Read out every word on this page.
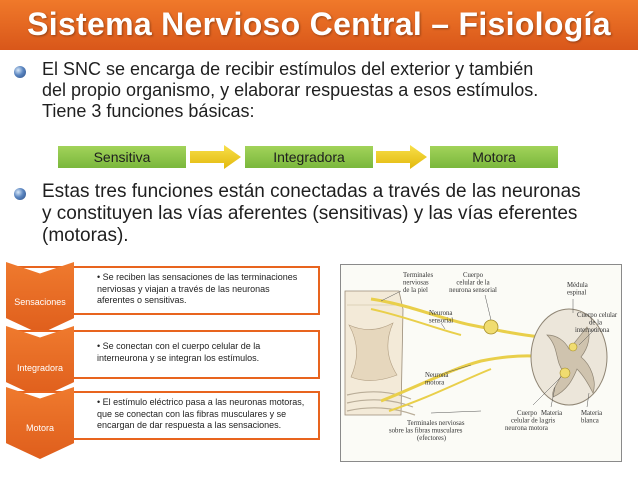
Sistema Nervioso Central – Fisiología
El SNC se encarga de recibir estímulos del exterior y también
del propio organismo, y elaborar respuestas a esos estímulos.
Tiene 3 funciones básicas:
Sensitiva	Integradora	Motora
Estas tres funciones están conectadas a través de las neuronas
y constituyen las vías aferentes (sensitivas) y las vías eferentes
(motoras).

• Se reciben las sensaciones de las terminaciones

nerviosas y viajan a través de las neuronas

aferentes o sensitivas.

Sensaciones

• Se conectan con el cuerpo celular de la

interneurona y se integran los estímulos.

Integradora

• El estímulo eléctrico pasa a las neuronas motoras,

que se conectan con las fibras musculares y se

encargan de dar respuesta a las sensaciones.

Motora
Terminales nerviosas de la piel
Cuerpo celular de la neurona sensorial
Médula espinal
Neurona sensorial
Cuerpo celular de la interneurona
Neurona motora
Terminales nerviosas sobre las fibras musculares (efectores)
Cuerpo celular de la neurona motora
Materia gris
Materia blanca
